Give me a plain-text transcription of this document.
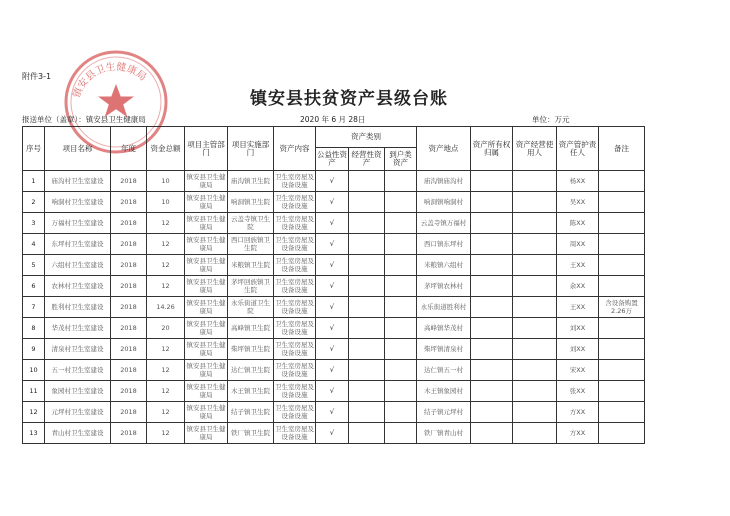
附件3-1
镇安县卫生健康局
镇安县扶贫资产县级台账
报送单位（盖章）：镇安县卫生健康局	2020 年 6 月 28日	单位：万元
序号	项目名称	年度	资金总额	项目主管部门	项目实施部门	资产内容	资产类别			资产地点	资产所有权归属	资产经营使用人	资产管护责任人	备注
							公益性资产	经营性资产	到户类资产					
1	庙沟村卫生室建设	2018	10	镇安县卫生健康局	庙沟镇卫生院	卫生室房屋及设备设施	√			庙沟镇庙沟村			杨XX	
2	响洞村卫生室建设	2018	10	镇安县卫生健康局	响洞镇卫生院	卫生室房屋及设备设施	√			响洞镇响洞村			吴XX	
3	万福村卫生室建设	2018	12	镇安县卫生健康局	云盖寺镇卫生院	卫生室房屋及设备设施	√			云盖寺镇万福村			陈XX	
4	东坪村卫生室建设	2018	12	镇安县卫生健康局	西口回族镇卫生院	卫生室房屋及设备设施	√			西口镇东坪村			周XX	
5	六组村卫生室建设	2018	12	镇安县卫生健康局	米粮镇卫生院	卫生室房屋及设备设施	√			米粮镇六组村			王XX	
6	农林村卫生室建设	2018	12	镇安县卫生健康局	茅坪回族镇卫生院	卫生室房屋及设备设施	√			茅坪镇农林村			余XX	
7	胜利村卫生室建设	2018	14.26	镇安县卫生健康局	永乐街道卫生院	卫生室房屋及设备设施	√			永乐街道胜利村			王XX	含设备购置2.26万
8	华茂村卫生室建设	2018	20	镇安县卫生健康局	高峰镇卫生院	卫生室房屋及设备设施	√			高峰镇华茂村			刘XX	
9	清泉村卫生室建设	2018	12	镇安县卫生健康局	柴坪镇卫生院	卫生室房屋及设备设施	√			柴坪镇清泉村			刘XX	
10	五一村卫生室建设	2018	12	镇安县卫生健康局	达仁镇卫生院	卫生室房屋及设备设施	√			达仁镇五一村			宋XX	
11	象园村卫生室建设	2018	12	镇安县卫生健康局	木王镇卫生院	卫生室房屋及设备设施	√			木王镇象园村			张XX	
12	元坪村卫生室建设	2018	12	镇安县卫生健康局	结子镇卫生院	卫生室房屋及设备设施	√			结子镇元坪村			方XX	
13	青山村卫生室建设	2018	12	镇安县卫生健康局	铁厂镇卫生院	卫生室房屋及设备设施	√			铁厂镇青山村			方XX	
